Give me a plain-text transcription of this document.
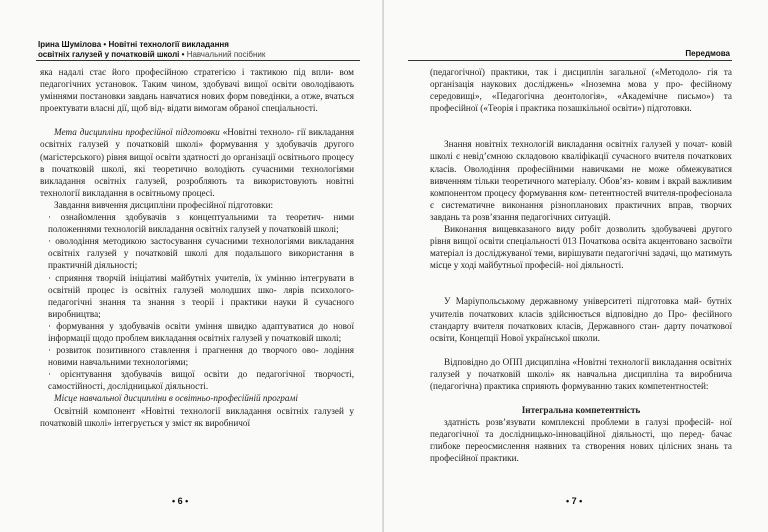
Ірина Шумілова • Новітні технології викладання
освітніх галузей у початковій школі • Навчальний посібник

яка надалі стає його професійною стратегією і тактикою під впли- вом педагогічних установок. Таким чином, здобувачі вищої освіти оволодівають уміннями постановки завдань навчатися нових форм поведінки, а отже, вчаться проектувати власні дії, щоб від- відати вимогам обраної спеціальності.

Мета дисципліни професійної підготовки «Новітні техноло- гії викладання освітніх галузей у початковій школі» формування у здобувачів другого (магістерського) рівня вищої освіти здатності до організації освітнього процесу в початковій школі, які теоретично володіють сучасними технологіями викладання освітніх галузей, розробляють та використовують новітні технології викладання в освітньому процесі.

Завдання вивчення дисципліни професійної підготовки:

· ознайомлення здобувачів з концептуальними та теоретич- ними положеннями технологій викладання освітніх галузей у початковій школі;

· оволодіння методикою застосування сучасними технологіями викладання освітніх галузей у початковій школі для подальшого використання в практичній діяльності;

· сприяння творчій ініціативі майбутніх учителів, їх умінню інтегрувати в освітній процес із освітніх галузей молодших шко- лярів психолого-педагогічні знання та знання з теорії і практики науки й сучасного виробництва;

· формування у здобувачів освіти уміння швидко адаптуватися до нової інформації щодо проблем викладання освітніх галузей у початковій школі;

· розвиток позитивного ставлення і прагнення до творчого ово- лодіння новими навчальними технологіями;

· орієнтування здобувачів вищої освіти до педагогічної творчості, самостійності, дослідницької діяльності.

Місце навчальної дисципліни в освітньо-професійній програмі

Освітній компонент «Новітні технології викладання освітніх галузей у початковій школі» інтегрується у зміст як виробничої

• 6 •
Передмова

(педагогічної) практики, так і дисциплін загальної («Методоло- гія та організація наукових досліджень» «Іноземна мова у про- фесійному середовищі», «Педагогічна деонтологія», «Академічне письмо») та професійної («Теорія і практика позашкільної освіти») підготовки.

Знання новітніх технологій викладання освітніх галузей у почат- ковій школі є невід’ємною складовою кваліфікації сучасного вчителя початкових класів. Оволодіння професійними навичками не може обмежуватися вивченням тільки теоретичного матеріалу. Обов’яз- ковим і вкрай важливим компонентом процесу формування ком- петентностей вчителя-професіонала є систематичне виконання різнопланових практичних вправ, творчих завдань та розв’язання педагогічних ситуацій.

Виконання вищевказаного виду робіт дозволить здобувачеві другого рівня вищої освіти спеціальності 013 Початкова освіта акцентовано засвоїти матеріал із досліджуваної теми, вирішувати педагогічні задачі, що матимуть місце у ході майбутньої професій- ної діяльності.

У Маріупольському державному університеті підготовка май- бутніх учителів початкових класів здійснюється відповідно до Про- фесійного стандарту вчителя початкових класів, Державного стан- дарту початкової освіти, Концепції Нової української школи.

Відповідно до ОПП дисципліна «Новітні технології викладання освітніх галузей у початковій школі» як навчальна дисципліна та виробнича (педагогічна) практика сприяють формуванню таких компетентностей:

Інтегральна компетентність

здатність розв’язувати комплексні проблеми в галузі професій- ної педагогічної та дослідницько-інноваційної діяльності, що перед- бачає глибоке переосмислення наявних та створення нових цілісних знань та професійної практики.

• 7 •
